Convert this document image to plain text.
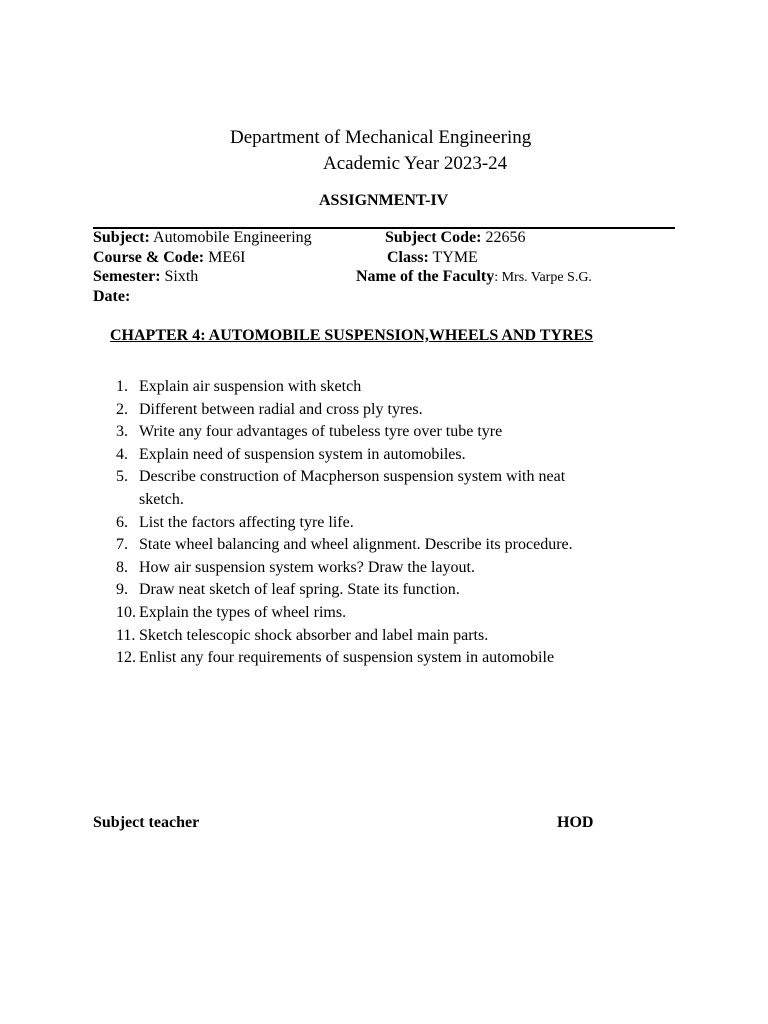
Department of Mechanical Engineering
Academic Year 2023-24
ASSIGNMENT-IV
Subject: Automobile Engineering	Subject Code: 22656
Course & Code: ME6I	Class: TYME
Semester: Sixth	Name of the Faculty: Mrs. Varpe S.G.
Date:
CHAPTER 4: AUTOMOBILE SUSPENSION,WHEELS AND TYRES
1. Explain air suspension with sketch
2. Different between radial and cross ply tyres.
3. Write any four advantages of tubeless tyre over tube tyre
4. Explain need of suspension system in automobiles.
5. Describe construction of Macpherson suspension system with neat
sketch.
6. List the factors affecting tyre life.
7. State wheel balancing and wheel alignment. Describe its procedure.
8. How air suspension system works? Draw the layout.
9. Draw neat sketch of leaf spring. State its function.
10. Explain the types of wheel rims.
11. Sketch telescopic shock absorber and label main parts.
12. Enlist any four requirements of suspension system in automobile
Subject teacher	HOD
